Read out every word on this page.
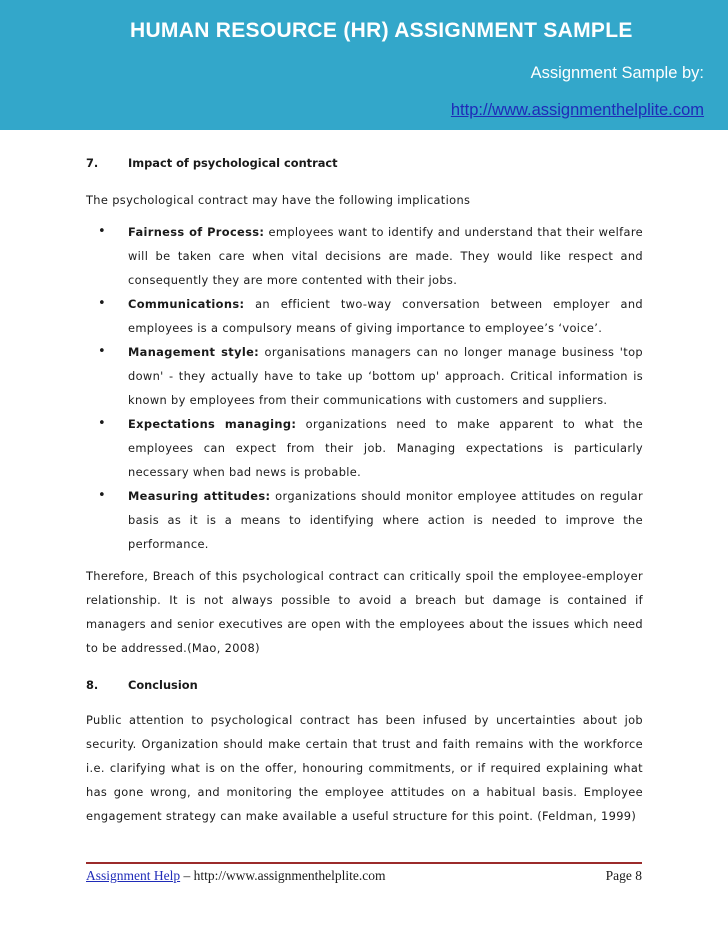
HUMAN RESOURCE (HR) ASSIGNMENT SAMPLE
Assignment Sample by:
http://www.assignmenthelplite.com
7.	Impact of psychological contract

The psychological contract may have the following implications

• Fairness of Process: employees want to identify and understand that their welfare will be taken care when vital decisions are made. They would like respect and consequently they are more contented with their jobs.
• Communications: an efficient two-way conversation between employer and employees is a compulsory means of giving importance to employee’s ‘voice’.
• Management style: organisations managers can no longer manage business 'top down' - they actually have to take up ‘bottom up' approach. Critical information is known by employees from their communications with customers and suppliers.
• Expectations managing: organizations need to make apparent to what the employees can expect from their job. Managing expectations is particularly necessary when bad news is probable.
• Measuring attitudes: organizations should monitor employee attitudes on regular basis as it is a means to identifying where action is needed to improve the performance.

Therefore, Breach of this psychological contract can critically spoil the employee-employer relationship. It is not always possible to avoid a breach but damage is contained if managers and senior executives are open with the employees about the issues which need to be addressed.(Mao, 2008)

8.	Conclusion

Public attention to psychological contract has been infused by uncertainties about job security. Organization should make certain that trust and faith remains with the workforce i.e. clarifying what is on the offer, honouring commitments, or if required explaining what has gone wrong, and monitoring the employee attitudes on a habitual basis. Employee engagement strategy can make available a useful structure for this point. (Feldman, 1999)

Assignment Help – http://www.assignmenthelplite.com	Page 8
